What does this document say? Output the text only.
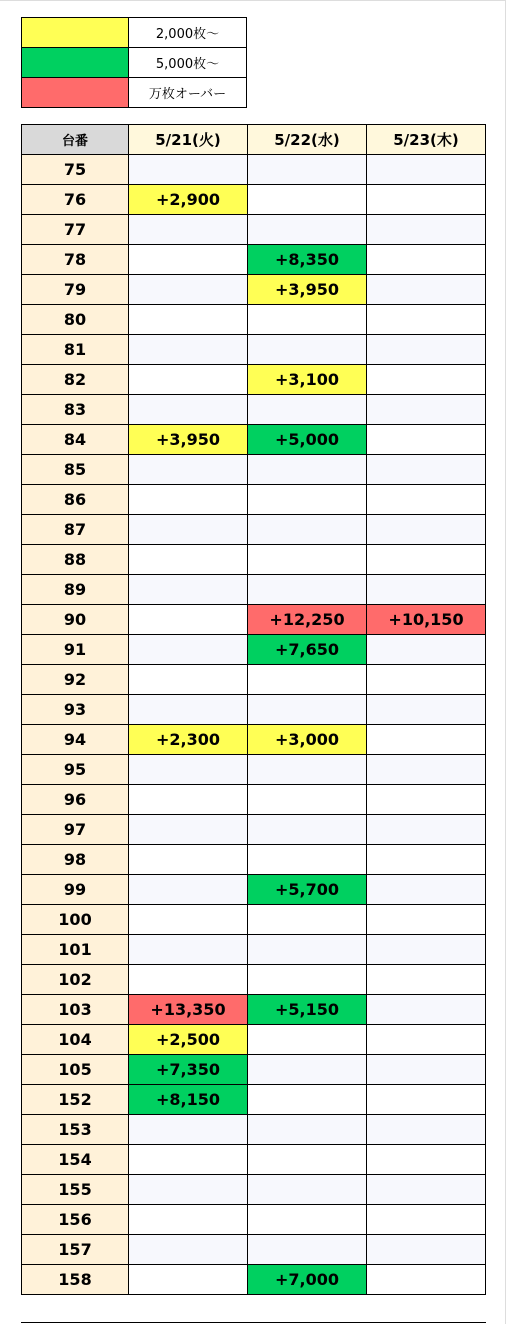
	2,000枚～
	5,000枚～
	万枚オーバー
台番	5/21(火)	5/22(水)	5/23(木)
75			
76	+2,900		
77			
78		+8,350	
79		+3,950	
80			
81			
82		+3,100	
83			
84	+3,950	+5,000	
85			
86			
87			
88			
89			
90		+12,250	+10,150
91		+7,650	
92			
93			
94	+2,300	+3,000	
95			
96			
97			
98			
99		+5,700	
100			
101			
102			
103	+13,350	+5,150	
104	+2,500		
105	+7,350		
152	+8,150		
153			
154			
155			
156			
157			
158		+7,000	
